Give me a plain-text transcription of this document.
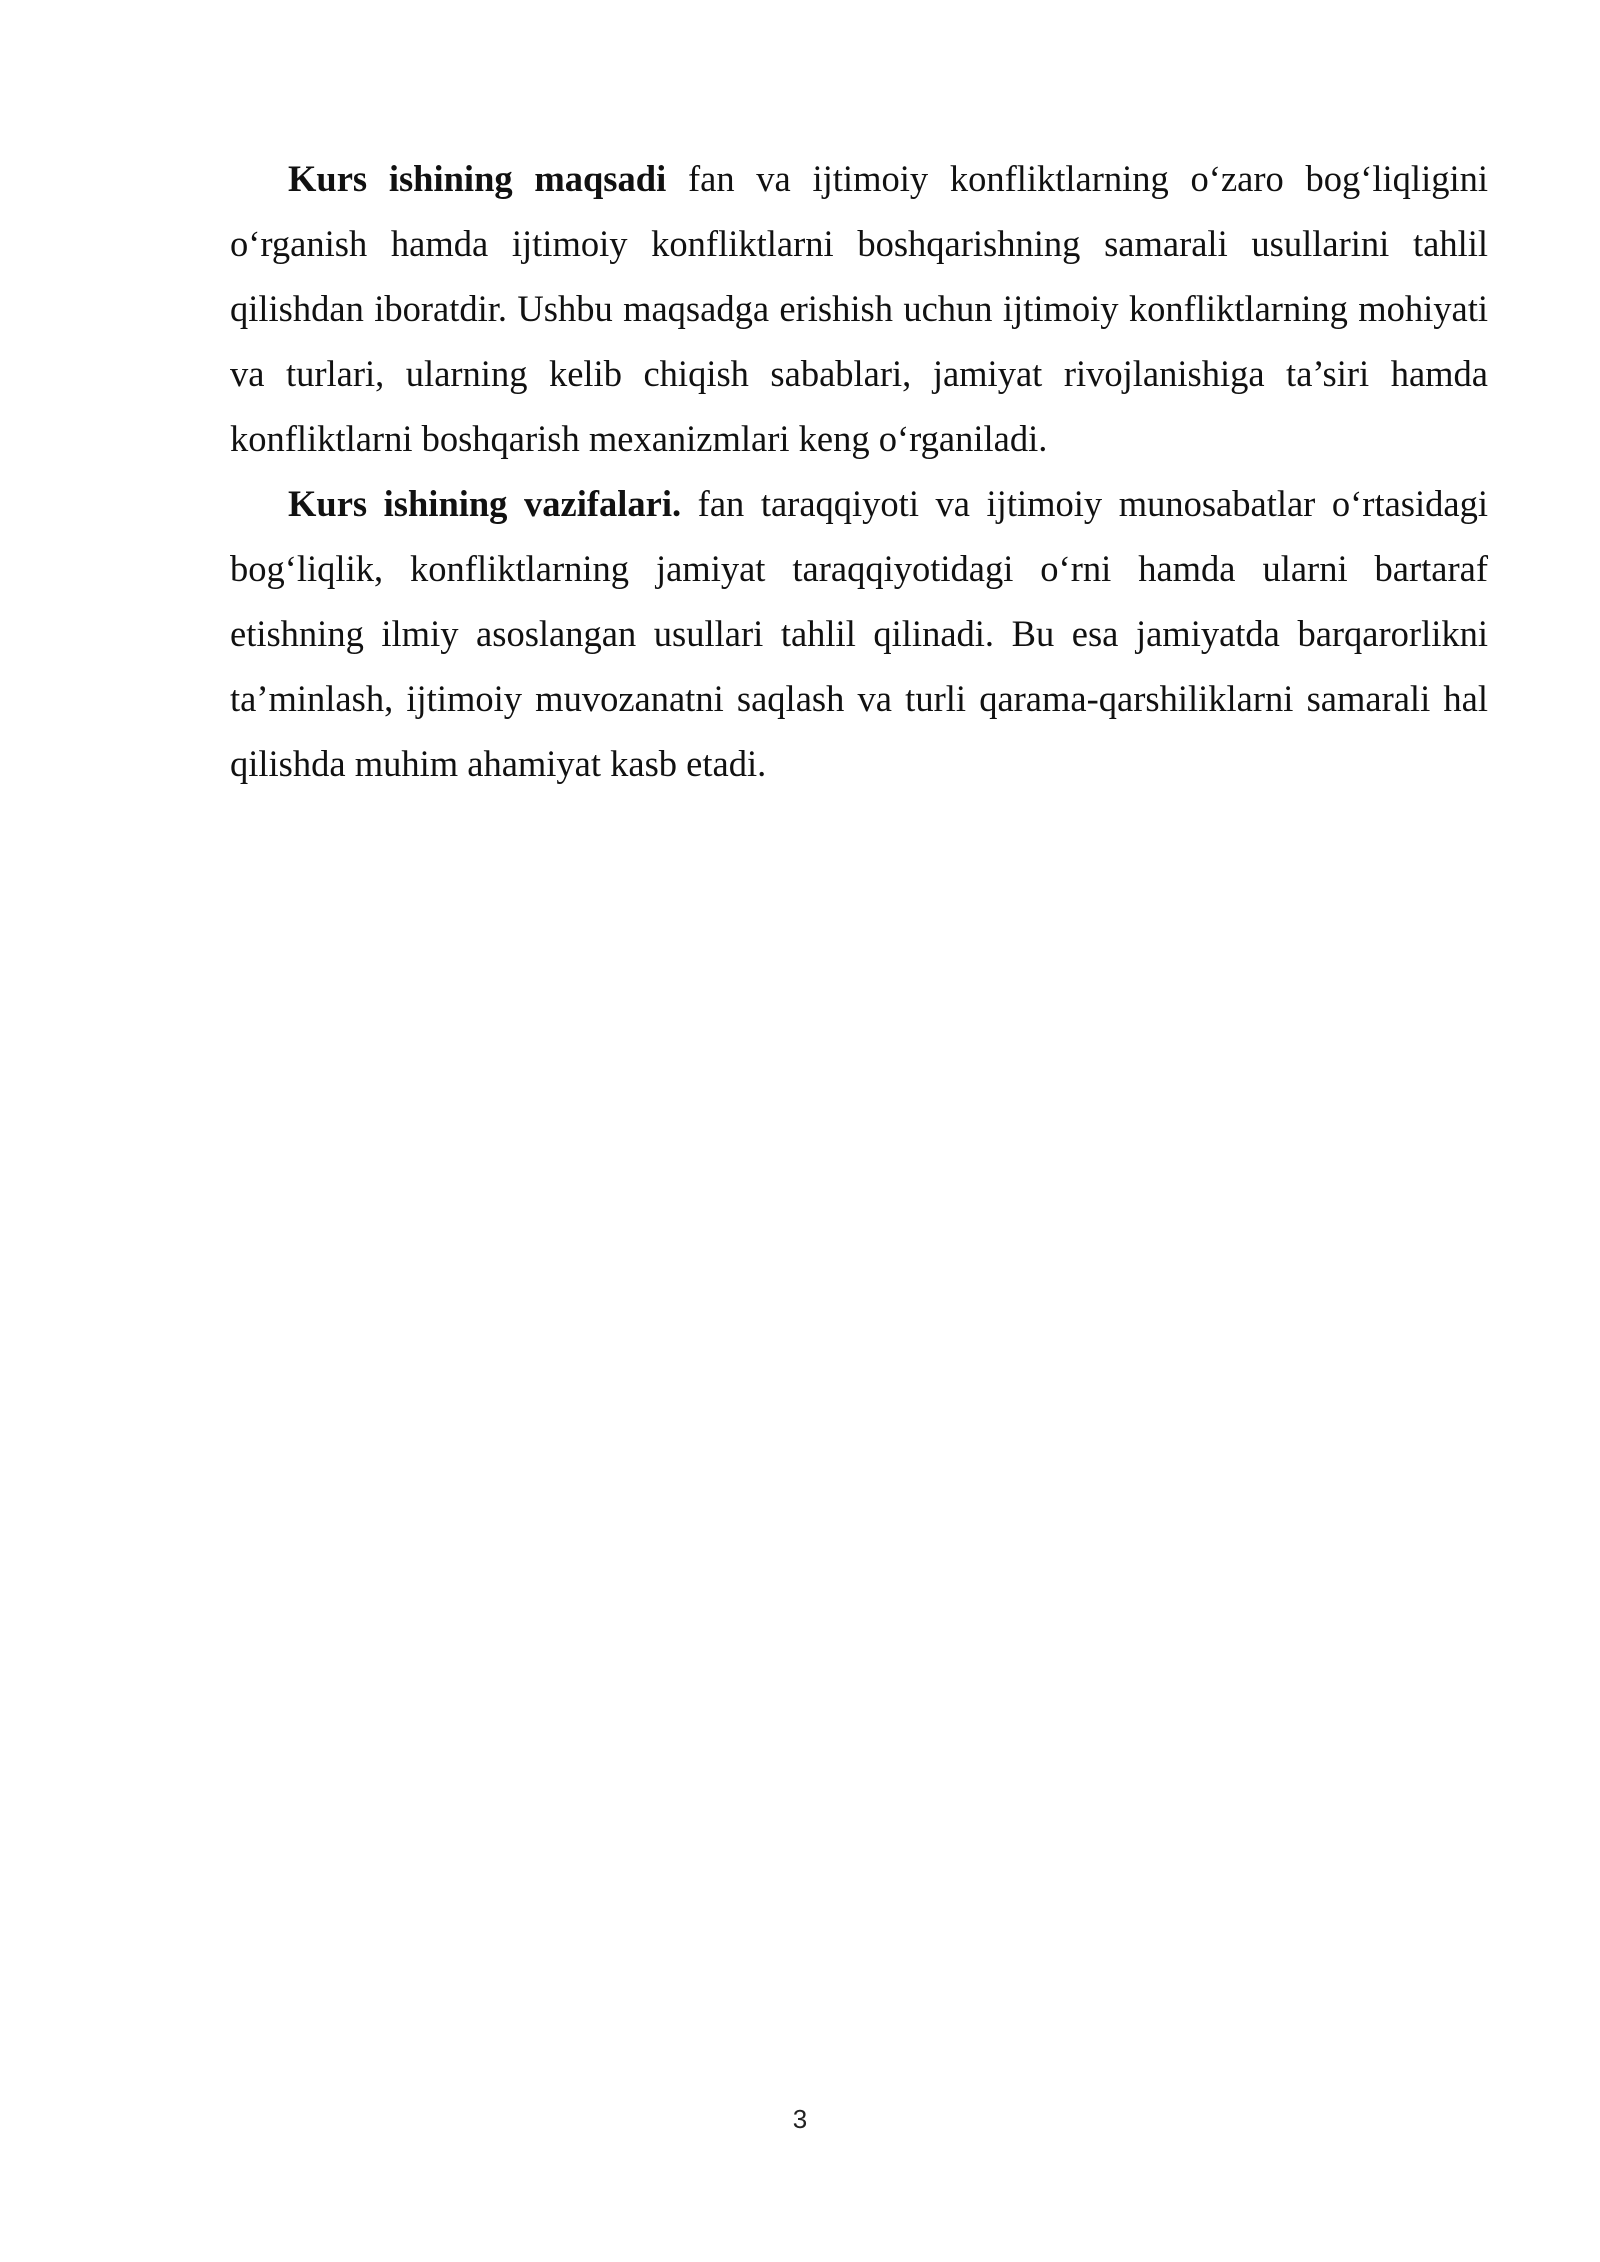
Kurs ishining maqsadi fan va ijtimoiy konfliktlarning o‘zaro bog‘liqligini o‘rganish hamda ijtimoiy konfliktlarni boshqarishning samarali usullarini tahlil qilishdan iboratdir. Ushbu maqsadga erishish uchun ijtimoiy konfliktlarning mohiyati va turlari, ularning kelib chiqish sabablari, jamiyat rivojlanishiga ta’siri hamda konfliktlarni boshqarish mexanizmlari keng o‘rganiladi.

Kurs ishining vazifalari. fan taraqqiyoti va ijtimoiy munosabatlar o‘rtasidagi bog‘liqlik, konfliktlarning jamiyat taraqqiyotidagi o‘rni hamda ularni bartaraf etishning ilmiy asoslangan usullari tahlil qilinadi. Bu esa jamiyatda barqarorlikni ta’minlash, ijtimoiy muvozanatni saqlash va turli qarama-qarshiliklarni samarali hal qilishda muhim ahamiyat kasb etadi.

3
